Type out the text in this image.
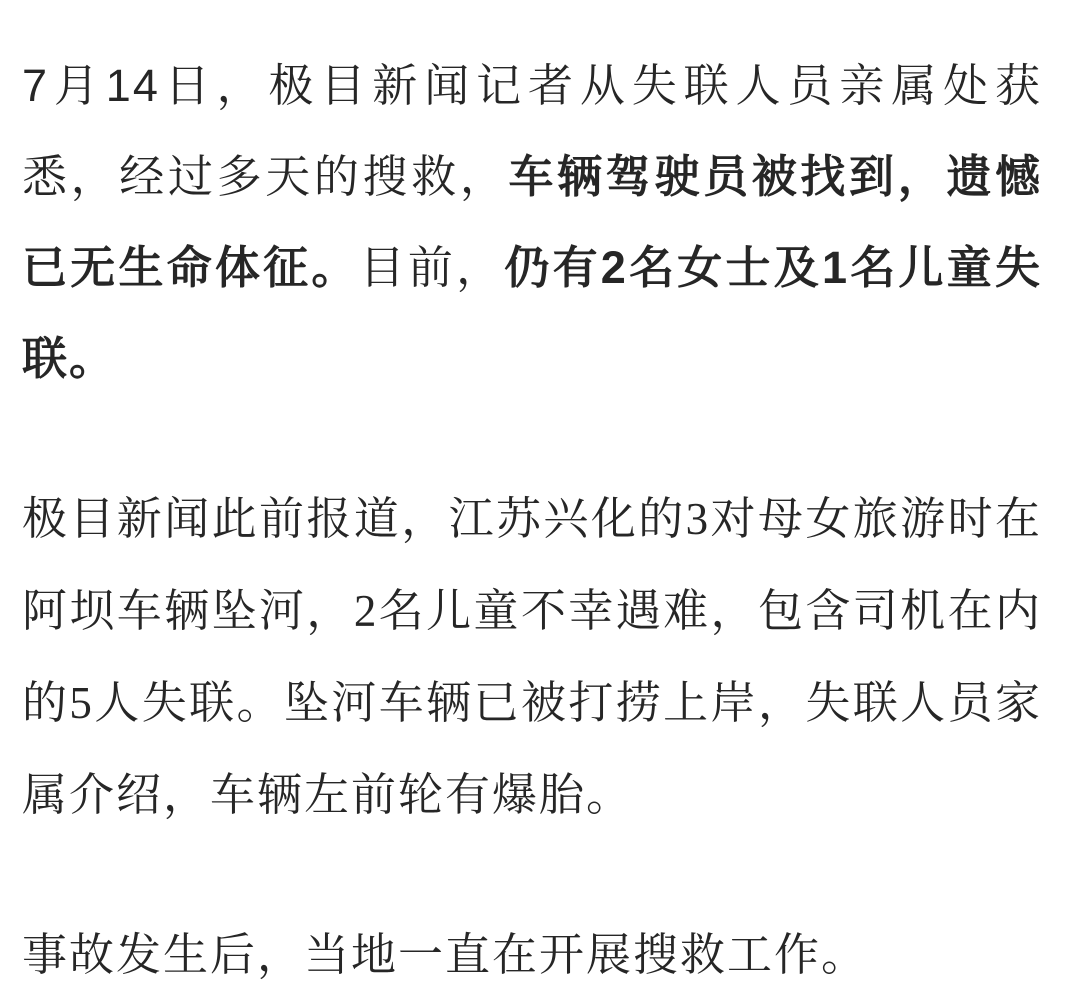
7月14日，极目新闻记者从失联人员亲属处获悉，经过多天的搜救，车辆驾驶员被找到，遗憾已无生命体征。目前，仍有2名女士及1名儿童失联。

极目新闻此前报道，江苏兴化的3对母女旅游时在阿坝车辆坠河，2名儿童不幸遇难，包含司机在内的5人失联。坠河车辆已被打捞上岸，失联人员家属介绍，车辆左前轮有爆胎。

事故发生后，当地一直在开展搜救工作。
